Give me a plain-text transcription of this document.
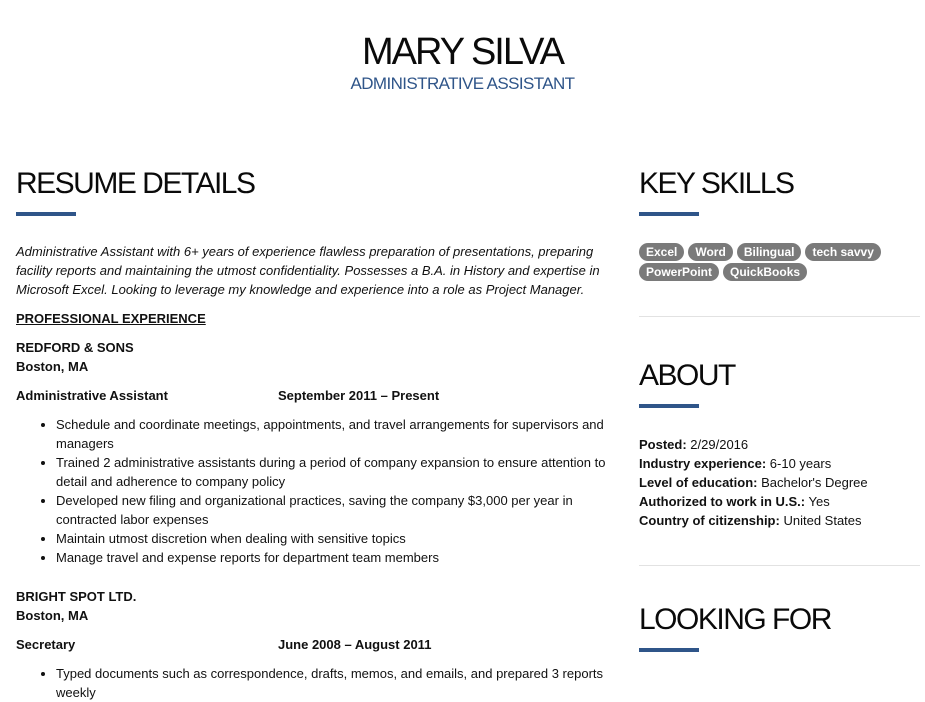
MARY SILVA
ADMINISTRATIVE ASSISTANT
RESUME DETAILS

Administrative Assistant with 6+ years of experience flawless preparation of presentations, preparing facility reports and maintaining the utmost confidentiality. Possesses a B.A. in History and expertise in Microsoft Excel. Looking to leverage my knowledge and experience into a role as Project Manager.

PROFESSIONAL EXPERIENCE
REDFORD & SONS
Boston, MA
Administrative Assistant	September 2011 – Present
• Schedule and coordinate meetings, appointments, and travel arrangements for supervisors and managers
• Trained 2 administrative assistants during a period of company expansion to ensure attention to detail and adherence to company policy
• Developed new filing and organizational practices, saving the company $3,000 per year in contracted labor expenses
• Maintain utmost discretion when dealing with sensitive topics
• Manage travel and expense reports for department team members
BRIGHT SPOT LTD.
Boston, MA
Secretary	June 2008 – August 2011
• Typed documents such as correspondence, drafts, memos, and emails, and prepared 3 reports weekly
KEY SKILLS
Excel	Word	Bilingual	tech savvy
PowerPoint	QuickBooks
ABOUT
Posted: 2/29/2016
Industry experience: 6-10 years
Level of education: Bachelor's Degree
Authorized to work in U.S.: Yes
Country of citizenship: United States
LOOKING FOR
